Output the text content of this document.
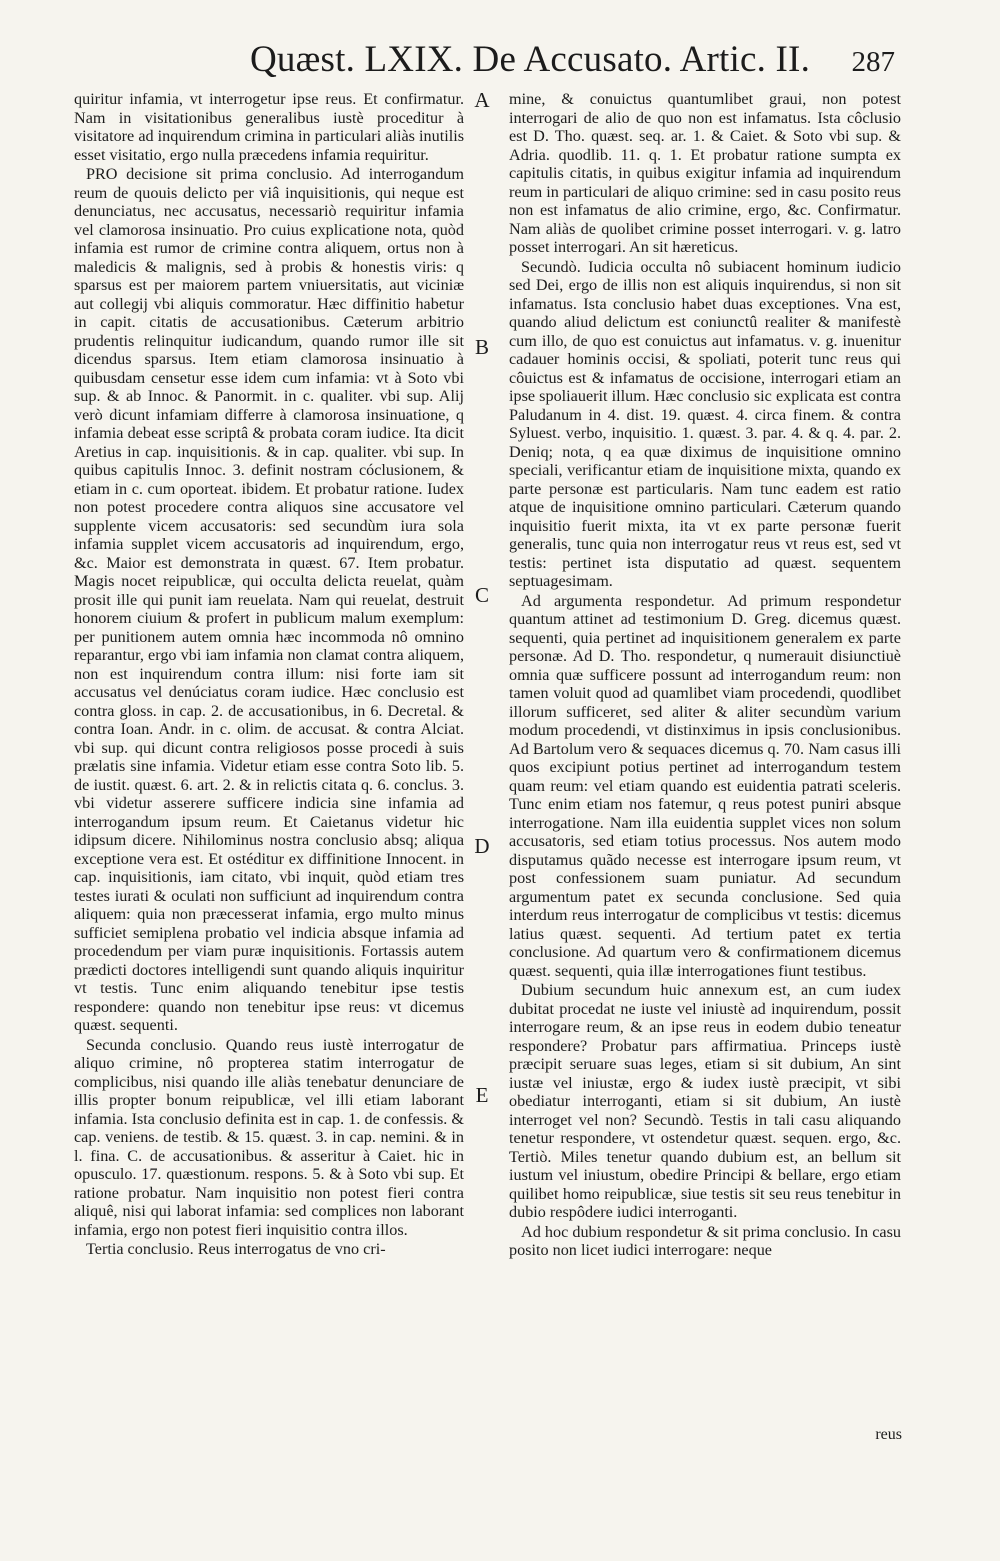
Quæst. LXIX. De Accusato. Artic. II.	287

quiritur infamia, vt interrogetur ipse reus. Et confirmatur. Nam in visitationibus generalibus iustè proceditur à visitatore ad inquirendum crimina in particulari aliàs inutilis esset visitatio, ergo nulla præcedens infamia requiritur.

PRO decisione sit prima conclusio. Ad interrogandum reum de quouis delicto per viâ inquisitionis, qui neque est denunciatus, nec accusatus, necessariò requiritur infamia vel clamorosa insinuatio. Pro cuius explicatione nota, quòd infamia est rumor de crimine contra aliquem, ortus non à maledicis & malignis, sed à probis & honestis viris: q sparsus est per maiorem partem vniuersitatis, aut viciniæ aut collegij vbi aliquis commoratur. Hæc diffinitio habetur in capit. citatis de accusationibus. Cæterum arbitrio prudentis relinquitur iudicandum, quando rumor ille sit dicendus sparsus. Item etiam clamorosa insinuatio à quibusdam censetur esse idem cum infamia: vt à Soto vbi sup. & ab Innoc. & Panormit. in c. qualiter. vbi sup. Alij verò dicunt infamiam differre à clamorosa insinuatione, q infamia debeat esse scriptâ & probata coram iudice. Ita dicit Aretius in cap. inquisitionis. & in cap. qualiter. vbi sup. In quibus capitulis Innoc. 3. definit nostram cóclusionem, & etiam in c. cum oporteat. ibidem. Et probatur ratione. Iudex non potest procedere contra aliquos sine accusatore vel supplente vicem accusatoris: sed secundùm iura sola infamia supplet vicem accusatoris ad inquirendum, ergo, &c. Maior est demonstrata in quæst. 67. Item probatur. Magis nocet reipublicæ, qui occulta delicta reuelat, quàm prosit ille qui punit iam reuelata. Nam qui reuelat, destruit honorem ciuium & profert in publicum malum exemplum: per punitionem autem omnia hæc incommoda nô omnino reparantur, ergo vbi iam infamia non clamat contra aliquem, non est inquirendum contra illum: nisi forte iam sit accusatus vel denúciatus coram iudice. Hæc conclusio est contra gloss. in cap. 2. de accusationibus, in 6. Decretal. & contra Ioan. Andr. in c. olim. de accusat. & contra Alciat. vbi sup. qui dicunt contra religiosos posse procedi à suis prælatis sine infamia. Videtur etiam esse contra Soto lib. 5. de iustit. quæst. 6. art. 2. & in relictis citata q. 6. conclus. 3. vbi videtur asserere sufficere indicia sine infamia ad interrogandum ipsum reum. Et Caietanus videtur hic idipsum dicere. Nihilominus nostra conclusio absq; aliqua exceptione vera est. Et ostéditur ex diffinitione Innocent. in cap. inquisitionis, iam citato, vbi inquit, quòd etiam tres testes iurati & oculati non sufficiunt ad inquirendum contra aliquem: quia non præcesserat infamia, ergo multo minus sufficiet semiplena probatio vel indicia absque infamia ad procedendum per viam puræ inquisitionis. Fortassis autem prædicti doctores intelligendi sunt quando aliquis inquiritur vt testis. Tunc enim aliquando tenebitur ipse testis respondere: quando non tenebitur ipse reus: vt dicemus quæst. sequenti.

Secunda conclusio. Quando reus iustè interrogatur de aliquo crimine, nô propterea statim interrogatur de complicibus, nisi quando ille aliàs tenebatur denunciare de illis propter bonum reipublicæ, vel illi etiam laborant infamia. Ista conclusio definita est in cap. 1. de confessis. & cap. veniens. de testib. & 15. quæst. 3. in cap. nemini. & in l. fina. C. de accusationibus. & asseritur à Caiet. hic in opusculo. 17. quæstionum. respons. 5. & à Soto vbi sup. Et ratione probatur. Nam inquisitio non potest fieri contra aliquê, nisi qui laborat infamia: sed complices non laborant infamia, ergo non potest fieri inquisitio contra illos.

Tertia conclusio. Reus interrogatus de vno cri-

A
B
C
D
E

mine, & conuictus quantumlibet graui, non potest interrogari de alio de quo non est infamatus. Ista côclusio est D. Tho. quæst. seq. ar. 1. & Caiet. & Soto vbi sup. & Adria. quodlib. 11. q. 1. Et probatur ratione sumpta ex capitulis citatis, in quibus exigitur infamia ad inquirendum reum in particulari de aliquo crimine: sed in casu posito reus non est infamatus de alio crimine, ergo, &c. Confirmatur. Nam aliàs de quolibet crimine posset interrogari. v. g. latro posset interrogari. An sit hæreticus.

Secundò. Iudicia occulta nô subiacent hominum iudicio sed Dei, ergo de illis non est aliquis inquirendus, si non sit infamatus. Ista conclusio habet duas exceptiones. Vna est, quando aliud delictum est coniunctû realiter & manifestè cum illo, de quo est conuictus aut infamatus. v. g. inuenitur cadauer hominis occisi, & spoliati, poterit tunc reus qui côuictus est & infamatus de occisione, interrogari etiam an ipse spoliauerit illum. Hæc conclusio sic explicata est contra Paludanum in 4. dist. 19. quæst. 4. circa finem. & contra Syluest. verbo, inquisitio. 1. quæst. 3. par. 4. & q. 4. par. 2. Deniq; nota, q ea quæ diximus de inquisitione omnino speciali, verificantur etiam de inquisitione mixta, quando ex parte personæ est particularis. Nam tunc eadem est ratio atque de inquisitione omnino particulari. Cæterum quando inquisitio fuerit mixta, ita vt ex parte personæ fuerit generalis, tunc quia non interrogatur reus vt reus est, sed vt testis: pertinet ista disputatio ad quæst. sequentem septuagesimam.

Ad argumenta respondetur. Ad primum respondetur quantum attinet ad testimonium D. Greg. dicemus quæst. sequenti, quia pertinet ad inquisitionem generalem ex parte personæ. Ad D. Tho. respondetur, q numerauit disiunctiuè omnia quæ sufficere possunt ad interrogandum reum: non tamen voluit quod ad quamlibet viam procedendi, quodlibet illorum sufficeret, sed aliter & aliter secundùm varium modum procedendi, vt distinximus in ipsis conclusionibus. Ad Bartolum vero & sequaces dicemus q. 70. Nam casus illi quos excipiunt potius pertinet ad interrogandum testem quam reum: vel etiam quando est euidentia patrati sceleris. Tunc enim etiam nos fatemur, q reus potest puniri absque interrogatione. Nam illa euidentia supplet vices non solum accusatoris, sed etiam totius processus. Nos autem modo disputamus quãdo necesse est interrogare ipsum reum, vt post confessionem suam puniatur. Ad secundum argumentum patet ex secunda conclusione. Sed quia interdum reus interrogatur de complicibus vt testis: dicemus latius quæst. sequenti. Ad tertium patet ex tertia conclusione. Ad quartum vero & confirmationem dicemus quæst. sequenti, quia illæ interrogationes fiunt testibus.

Dubium secundum huic annexum est, an cum iudex dubitat procedat ne iuste vel iniustè ad inquirendum, possit interrogare reum, & an ipse reus in eodem dubio teneatur respondere? Probatur pars affirmatiua. Princeps iustè præcipit seruare suas leges, etiam si sit dubium, An sint iustæ vel iniustæ, ergo & iudex iustè præcipit, vt sibi obediatur interroganti, etiam si sit dubium, An iustè interroget vel non? Secundò. Testis in tali casu aliquando tenetur respondere, vt ostendetur quæst. sequen. ergo, &c. Tertiò. Miles tenetur quando dubium est, an bellum sit iustum vel iniustum, obedire Principi & bellare, ergo etiam quilibet homo reipublicæ, siue testis sit seu reus tenebitur in dubio respôdere iudici interroganti.

Ad hoc dubium respondetur & sit prima conclusio. In casu posito non licet iudici interrogare: neque

reus
